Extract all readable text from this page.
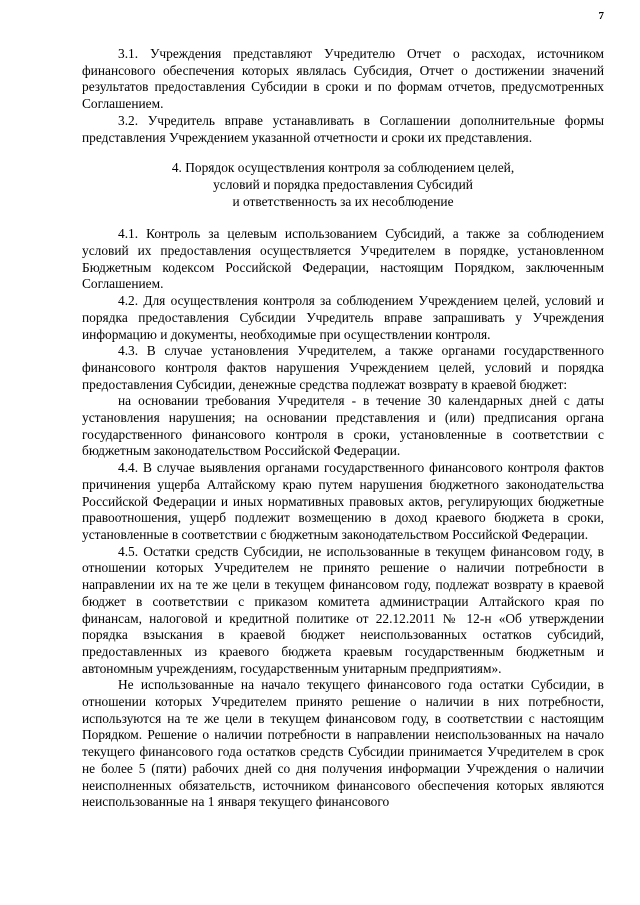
7

3.1. Учреждения представляют Учредителю Отчет о расходах, источником финансового обеспечения которых являлась Субсидия, Отчет о достижении значений результатов предоставления Субсидии в сроки и по формам отчетов, предусмотренных Соглашением.

3.2. Учредитель вправе устанавливать в Соглашении дополнительные формы представления Учреждением указанной отчетности и сроки их представления.

4. Порядок осуществления контроля за соблюдением целей,
условий и порядка предоставления Субсидий
и ответственность за их несоблюдение

4.1. Контроль за целевым использованием Субсидий, а также за соблюдением условий их предоставления осуществляется Учредителем в порядке, установленном Бюджетным кодексом Российской Федерации, настоящим Порядком, заключенным Соглашением.

4.2. Для осуществления контроля за соблюдением Учреждением целей, условий и порядка предоставления Субсидии Учредитель вправе запрашивать у Учреждения информацию и документы, необходимые при осуществлении контроля.

4.3. В случае установления Учредителем, а также органами государственного финансового контроля фактов нарушения Учреждением целей, условий и порядка предоставления Субсидии, денежные средства подлежат возврату в краевой бюджет:

на основании требования Учредителя - в течение 30 календарных дней с даты установления нарушения; на основании представления и (или) предписания органа государственного финансового контроля в сроки, установленные в соответствии с бюджетным законодательством Российской Федерации.

4.4. В случае выявления органами государственного финансового контроля фактов причинения ущерба Алтайскому краю путем нарушения бюджетного законодательства Российской Федерации и иных нормативных правовых актов, регулирующих бюджетные правоотношения, ущерб подлежит возмещению в доход краевого бюджета в сроки, установленные в соответствии с бюджетным законодательством Российской Федерации.

4.5. Остатки средств Субсидии, не использованные в текущем финансовом году, в отношении которых Учредителем не принято решение о наличии потребности в направлении их на те же цели в текущем финансовом году, подлежат возврату в краевой бюджет в соответствии с приказом комитета администрации Алтайского края по финансам, налоговой и кредитной политике от 22.12.2011 № 12-н «Об утверждении порядка взыскания в краевой бюджет неиспользованных остатков субсидий, предоставленных из краевого бюджета краевым государственным бюджетным и автономным учреждениям, государственным унитарным предприятиям».

Не использованные на начало текущего финансового года остатки Субсидии, в отношении которых Учредителем принято решение о наличии в них потребности, используются на те же цели в текущем финансовом году, в соответствии с настоящим Порядком. Решение о наличии потребности в направлении неиспользованных на начало текущего финансового года остатков средств Субсидии принимается Учредителем в срок не более 5 (пяти) рабочих дней со дня получения информации Учреждения о наличии неисполненных обязательств, источником финансового обеспечения которых являются неиспользованные на 1 января текущего финансового
